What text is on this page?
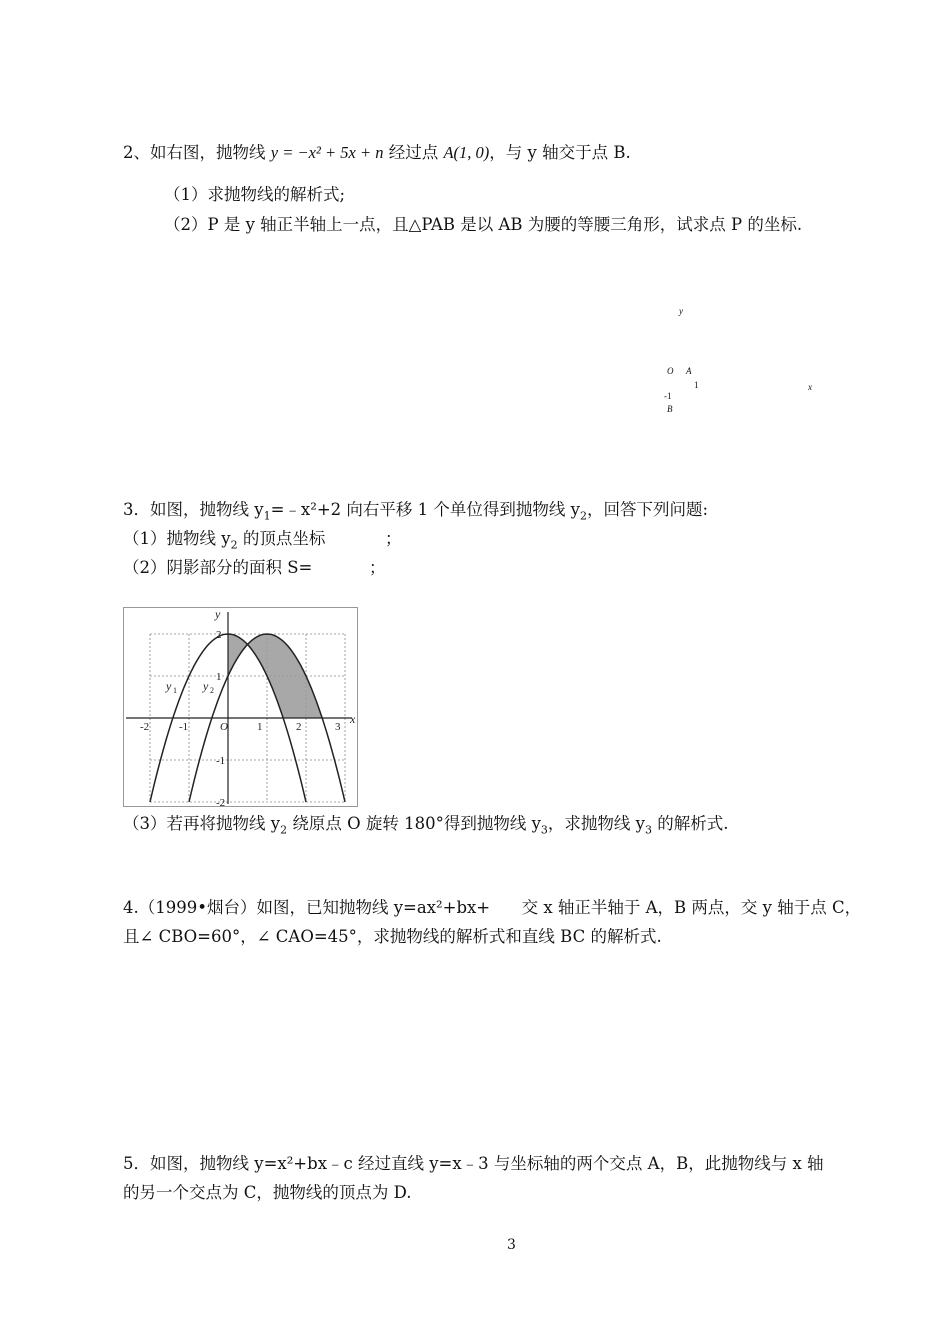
2、如右图，抛物线 y = −x² + 5x + n 经过点 A(1, 0)，与 y 轴交于点 B.
（1）求抛物线的解析式;
（2）P 是 y 轴正半轴上一点，且△PAB 是以 AB 为腰的等腰三角形，试求点 P 的坐标.
y
O A
1	x
-1
B
3．如图，抛物线 $y_1=﹣x^2+2$ 向右平移 1 个单位得到抛物线 $y_2$，回答下列问题:
（1）抛物线 $y_2$ 的顶点坐标	；
（2）阴影部分的面积 S=	；
-2	-1	O	1	2	3
2
1
-1
-2
x
y
y 1 y 2
（3）若再将抛物线 $y_2$ 绕原点 O 旋转 180°得到抛物线 $y_3$，求抛物线 $y_3$ 的解析式.
4.（1999•烟台）如图，已知抛物线 y=ax²+bx+      交 x 轴正半轴于 A，B 两点，交 y 轴于点 C，
且∠ CBO=60°，∠ CAO=45°，求抛物线的解析式和直线 BC 的解析式.
5．如图，抛物线 y=x²+bx﹣c 经过直线 y=x﹣3 与坐标轴的两个交点 A，B，此抛物线与 x 轴
的另一个交点为 C，抛物线的顶点为 D.
3
